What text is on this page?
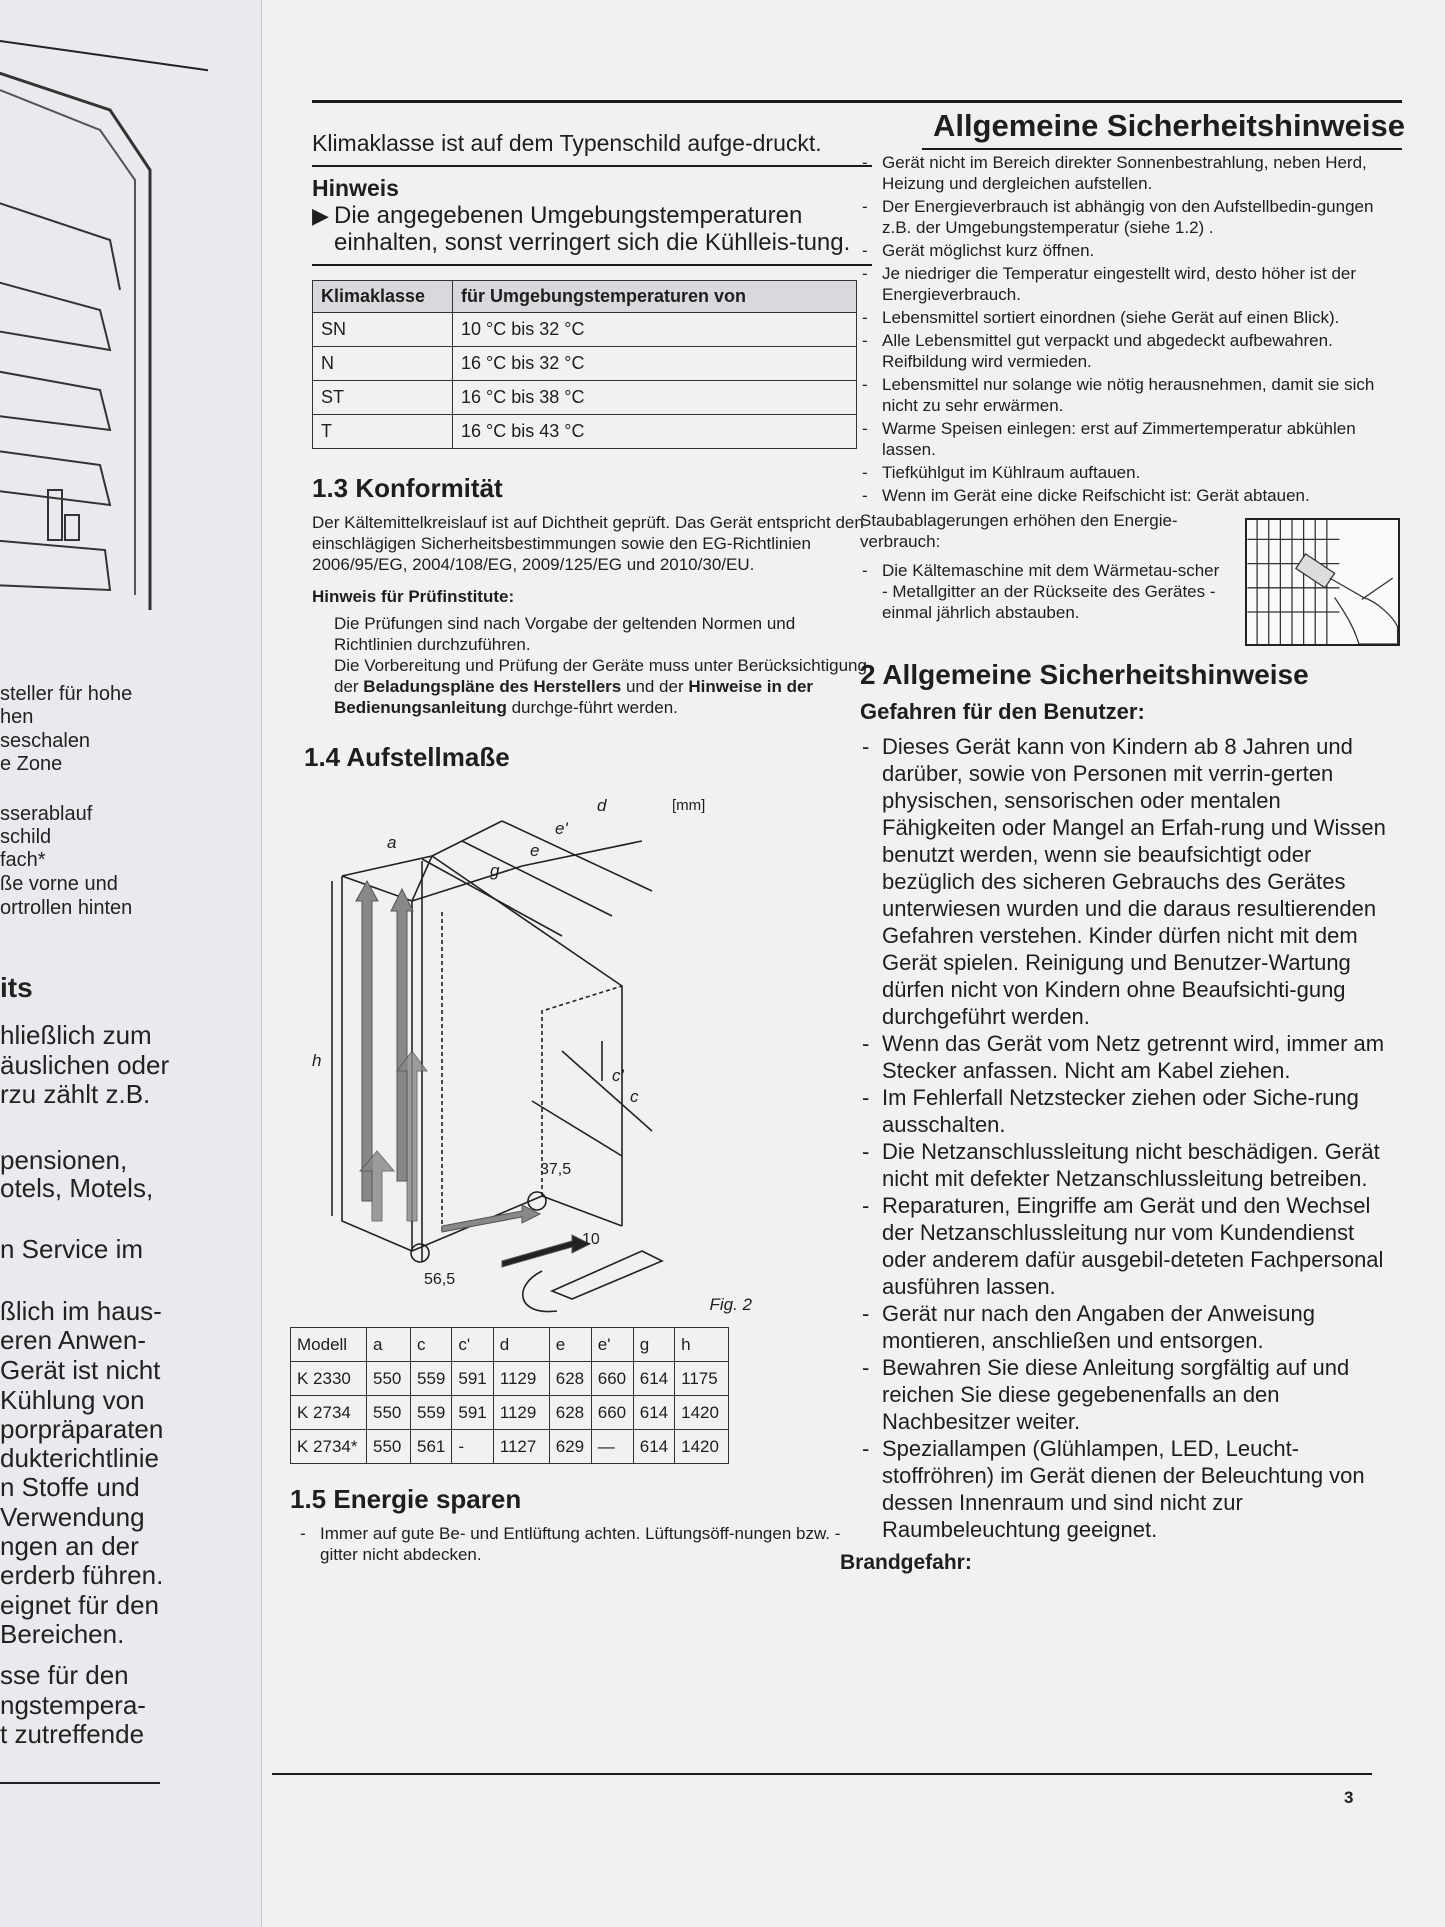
steller für hohe
hen
seschalen
e Zone
sserablauf
schild
fach*
ße vorne und
ortrollen hinten
its
hließlich zum
äuslichen oder
rzu zählt z.B.
pensionen,
otels, Motels,
n Service im
ßlich im haus-
eren Anwen-
Gerät ist nicht
Kühlung von
porpräparaten
dukterichtlinie
n Stoffe und
Verwendung
ngen an der
erderb führen.
eignet für den
Bereichen.
sse für den
ngstempera-
t zutreffende
Allgemeine Sicherheitshinweise
Klimaklasse ist auf dem Typenschild aufge-druckt.
Hinweis
▶ Die angegebenen Umgebungstemperaturen einhalten, sonst verringert sich die Kühlleis-tung.
Klimaklasse	für Umgebungstemperaturen von
SN	10 °C bis 32 °C
N	16 °C bis 32 °C
ST	16 °C bis 38 °C
T	16 °C bis 43 °C
1.3 Konformität
Der Kältemittelkreislauf ist auf Dichtheit geprüft. Das Gerät entspricht den einschlägigen Sicherheitsbestimmungen sowie den EG-Richtlinien 2006/95/EG, 2004/108/EG, 2009/125/EG und 2010/30/EU.
Hinweis für Prüfinstitute:
Die Prüfungen sind nach Vorgabe der geltenden Normen und Richtlinien durchzuführen.
Die Vorbereitung und Prüfung der Geräte muss unter Berücksichtigung der Beladungspläne des Herstellers und der Hinweise in der Bedienungsanleitung durchge-führt werden.
1.4 Aufstellmaße
[mm]
a
d
e'
e
g
h
c'
c
37,5
10
56,5
Fig. 2
Modell	a	c	c'	d	e	e'	g	h
K 2330	550	559	591	1129	628	660	614	1175
K 2734	550	559	591	1129	628	660	614	1420
K 2734*	550	561	-	1127	629	—	614	1420
1.5 Energie sparen
- Immer auf gute Be- und Entlüftung achten. Lüftungsöff-nungen bzw. -gitter nicht abdecken.
- Gerät nicht im Bereich direkter Sonnenbestrahlung, neben Herd, Heizung und dergleichen aufstellen.
- Der Energieverbrauch ist abhängig von den Aufstellbedin-gungen z.B. der Umgebungstemperatur (siehe 1.2) .
- Gerät möglichst kurz öffnen.
- Je niedriger die Temperatur eingestellt wird, desto höher ist der Energieverbrauch.
- Lebensmittel sortiert einordnen (siehe Gerät auf einen Blick).
- Alle Lebensmittel gut verpackt und abgedeckt aufbewahren. Reifbildung wird vermieden.
- Lebensmittel nur solange wie nötig herausnehmen, damit sie sich nicht zu sehr erwärmen.
- Warme Speisen einlegen: erst auf Zimmertemperatur abkühlen lassen.
- Tiefkühlgut im Kühlraum auftauen.
- Wenn im Gerät eine dicke Reifschicht ist: Gerät abtauen.
Staubablagerungen erhöhen den Energie-verbrauch:
- Die Kältemaschine mit dem Wärmetau-scher - Metallgitter an der Rückseite des Gerätes - einmal jährlich abstauben.
2 Allgemeine Sicherheitshinweise
Gefahren für den Benutzer:
- Dieses Gerät kann von Kindern ab 8 Jahren und darüber, sowie von Personen mit verrin-gerten physischen, sensorischen oder mentalen Fähigkeiten oder Mangel an Erfah-rung und Wissen benutzt werden, wenn sie beaufsichtigt oder bezüglich des sicheren Gebrauchs des Gerätes unterwiesen wurden und die daraus resultierenden Gefahren verstehen. Kinder dürfen nicht mit dem Gerät spielen. Reinigung und Benutzer-Wartung dürfen nicht von Kindern ohne Beaufsichti-gung durchgeführt werden.
- Wenn das Gerät vom Netz getrennt wird, immer am Stecker anfassen. Nicht am Kabel ziehen.
- Im Fehlerfall Netzstecker ziehen oder Siche-rung ausschalten.
- Die Netzanschlussleitung nicht beschädigen. Gerät nicht mit defekter Netzanschlussleitung betreiben.
- Reparaturen, Eingriffe am Gerät und den Wechsel der Netzanschlussleitung nur vom Kundendienst oder anderem dafür ausgebil-deteten Fachpersonal ausführen lassen.
- Gerät nur nach den Angaben der Anweisung montieren, anschließen und entsorgen.
- Bewahren Sie diese Anleitung sorgfältig auf und reichen Sie diese gegebenenfalls an den Nachbesitzer weiter.
- Speziallampen (Glühlampen, LED, Leucht-stoffröhren) im Gerät dienen der Beleuchtung von dessen Innenraum und sind nicht zur Raumbeleuchtung geeignet.
Brandgefahr:
3
